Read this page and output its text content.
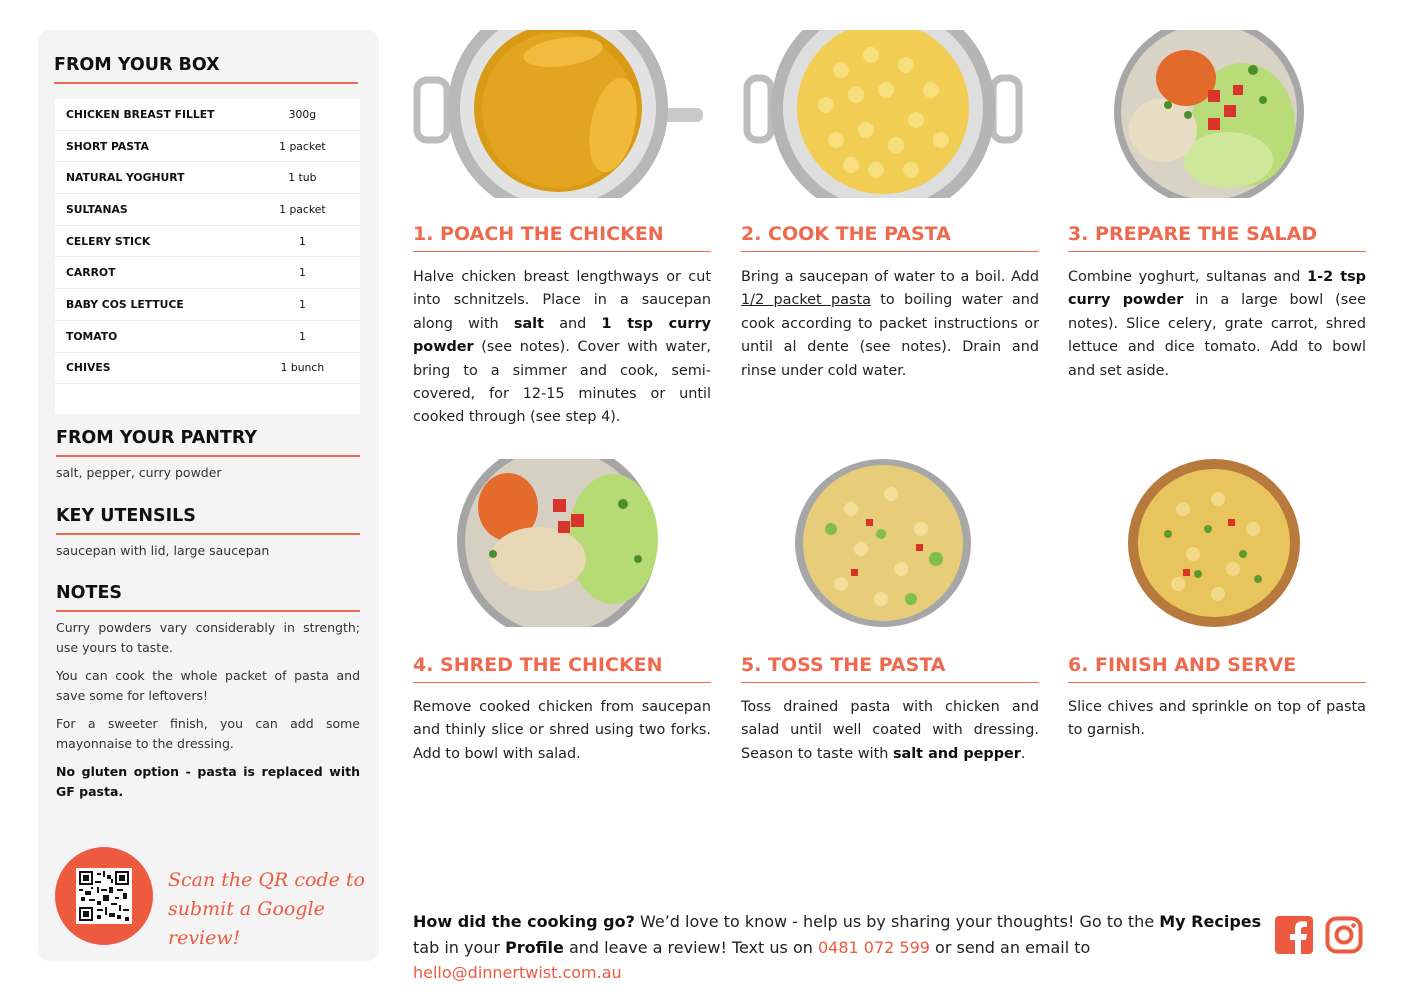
FROM YOUR BOX
CHICKEN BREAST FILLET	300g
SHORT PASTA	1 packet
NATURAL YOGHURT	1 tub
SULTANAS	1 packet
CELERY STICK	1
CARROT	1
BABY COS LETTUCE	1
TOMATO	1
CHIVES	1 bunch
FROM YOUR PANTRY
salt, pepper, curry powder
KEY UTENSILS
saucepan with lid, large saucepan
NOTES

Curry powders vary considerably in strength; use yours to taste.

You can cook the whole packet of pasta and save some for leftovers!

For a sweeter finish, you can add some mayonnaise to the dressing.

No gluten option - pasta is replaced with GF pasta.

Scan the QR code to
submit a Google review!
1. POACH THE CHICKEN
Halve chicken breast lengthways or cut into schnitzels. Place in a saucepan along with salt and 1 tsp curry powder (see notes). Cover with water, bring to a simmer and cook, semi-covered, for 12-15 minutes or until cooked through (see step 4).
2. COOK THE PASTA
Bring a saucepan of water to a boil. Add 1/2 packet pasta to boiling water and cook according to packet instructions or until al dente (see notes). Drain and rinse under cold water.
3. PREPARE THE SALAD
Combine yoghurt, sultanas and 1-2 tsp curry powder in a large bowl (see notes). Slice celery, grate carrot, shred lettuce and dice tomato. Add to bowl and set aside.
4. SHRED THE CHICKEN
Remove cooked chicken from saucepan and thinly slice or shred using two forks. Add to bowl with salad.
5. TOSS THE PASTA
Toss drained pasta with chicken and salad until well coated with dressing. Season to taste with salt and pepper.
6. FINISH AND SERVE
Slice chives and sprinkle on top of pasta to garnish.
How did the cooking go? We’d love to know - help us by sharing your thoughts! Go to the My Recipes tab in your Profile and leave a review! Text us on 0481 072 599 or send an email to hello@dinnertwist.com.au
